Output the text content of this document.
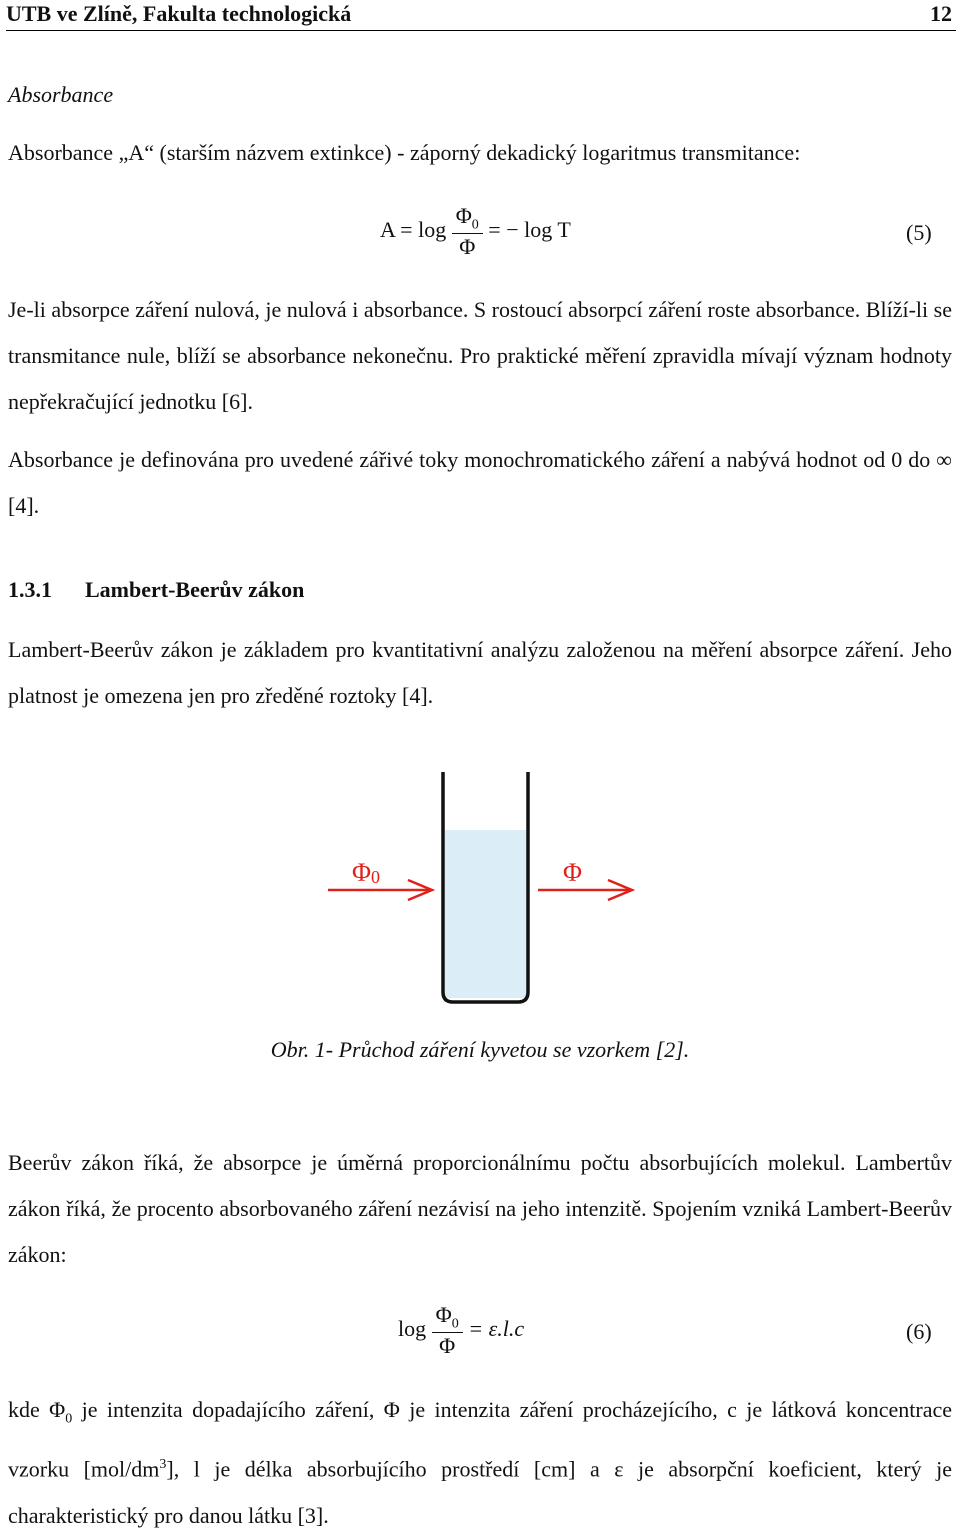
UTB ve Zlíně, Fakulta technologická	12
Absorbance
Absorbance „A“ (starším názvem extinkce) - záporný dekadický logaritmus transmitance:
$A = \log \frac{\Phi_0}{\Phi}$ = − log T	(5)
Je-li absorpce záření nulová, je nulová i absorbance. S rostoucí absorpcí záření roste absorbance. Blíží-li se transmitance nule, blíží se absorbance nekonečnu. Pro praktické měření zpravidla mívají význam hodnoty nepřekračující jednotku [6].
Absorbance je definována pro uvedené zářivé toky monochromatického záření a nabývá hodnot od 0 do ∞ [4].
1.3.1 Lambert-Beerův zákon
Lambert-Beerův zákon je základem pro kvantitativní analýzu založenou na měření absorpce záření. Jeho platnost je omezena jen pro zředěné roztoky [4].
Φ0	Φ
Obr. 1- Průchod záření kyvetou se vzorkem [2].
Beerův zákon říká, že absorpce je úměrná proporcionálnímu počtu absorbujících molekul. Lambertův zákon říká, že procento absorbovaného záření nezávisí na jeho intenzitě. Spojením vzniká Lambert-Beerův zákon:
$\log \frac{\Phi_0}{\Phi} = \varepsilon.l.c$	(6)
kde $\Phi_0$ je intenzita dopadajícího záření, Φ je intenzita záření procházejícího, c je látková koncentrace vzorku $[mol/dm^3]$, l je délka absorbujícího prostředí [cm] a ε je absorpční koeficient, který je charakteristický pro danou látku [3].
